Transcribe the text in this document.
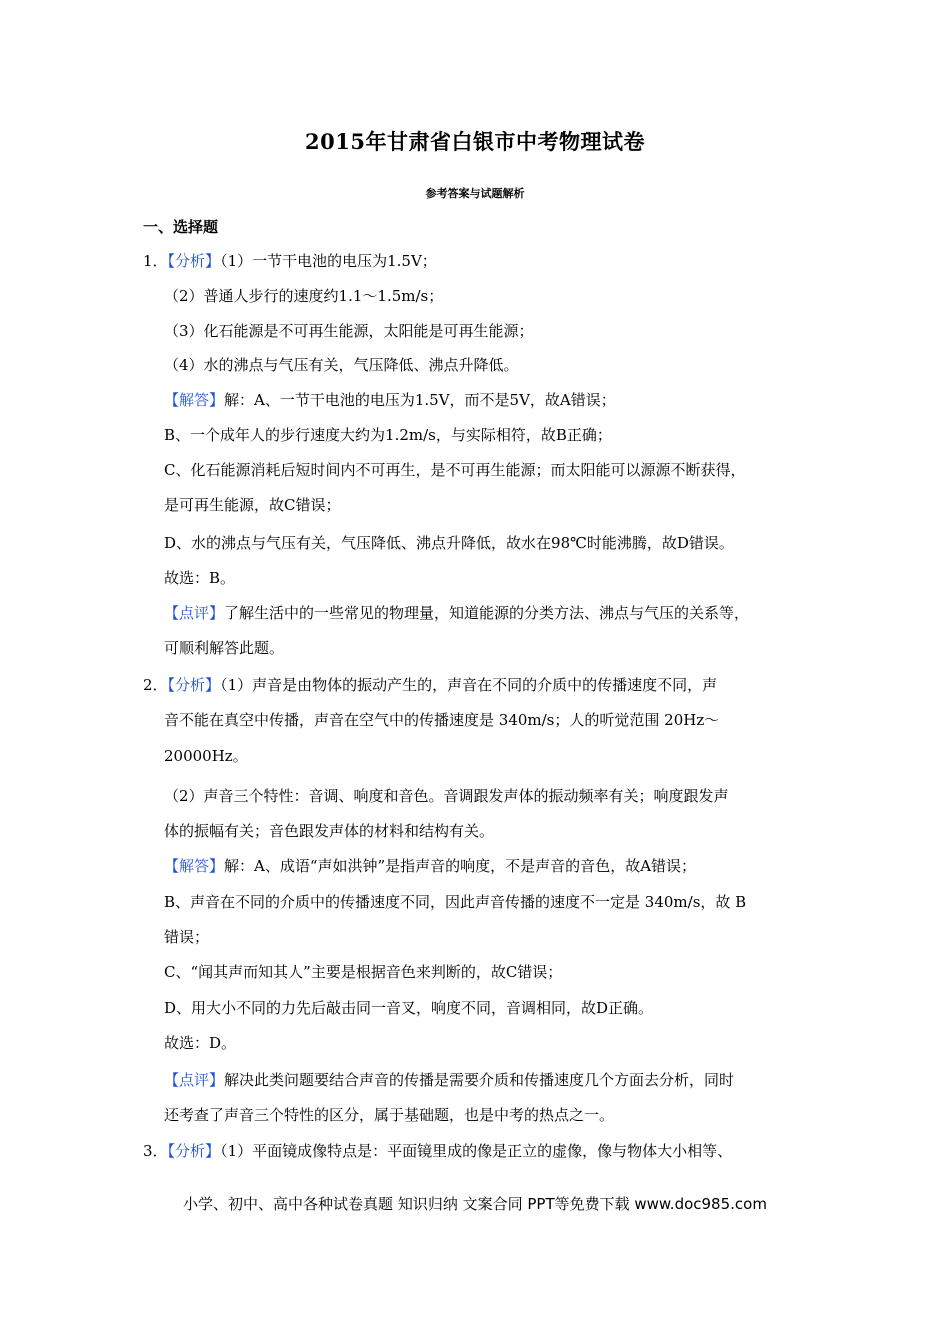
2015年甘肃省白银市中考物理试卷
参考答案与试题解析
一、选择题
1．【分析】（1）一节干电池的电压为1.5V；
（2）普通人步行的速度约1.1～1.5m/s；
（3）化石能源是不可再生能源，太阳能是可再生能源；
（4）水的沸点与气压有关，气压降低、沸点升降低。
【解答】解：A、一节干电池的电压为1.5V，而不是5V，故A错误；
B、一个成年人的步行速度大约为1.2m/s，与实际相符，故B正确；
C、化石能源消耗后短时间内不可再生，是不可再生能源；而太阳能可以源源不断获得，
是可再生能源，故C错误；
D、水的沸点与气压有关，气压降低、沸点升降低，故水在98℃时能沸腾，故D错误。
故选：B。
【点评】了解生活中的一些常见的物理量，知道能源的分类方法、沸点与气压的关系等，
可顺利解答此题。
2．【分析】（1）声音是由物体的振动产生的，声音在不同的介质中的传播速度不同，声
音不能在真空中传播，声音在空气中的传播速度是 340m/s；人的听觉范围 20Hz～
20000Hz。
（2）声音三个特性：音调、响度和音色。音调跟发声体的振动频率有关；响度跟发声
体的振幅有关；音色跟发声体的材料和结构有关。
【解答】解：A、成语“声如洪钟”是指声音的响度，不是声音的音色，故A错误；
B、声音在不同的介质中的传播速度不同，因此声音传播的速度不一定是 340m/s，故 B
错误；
C、“闻其声而知其人”主要是根据音色来判断的，故C错误；
D、用大小不同的力先后敲击同一音叉，响度不同，音调相同，故D正确。
故选：D。
【点评】解决此类问题要结合声音的传播是需要介质和传播速度几个方面去分析，同时
还考查了声音三个特性的区分，属于基础题，也是中考的热点之一。
3．【分析】（1）平面镜成像特点是：平面镜里成的像是正立的虚像，像与物体大小相等、
小学、初中、高中各种试卷真题 知识归纳 文案合同 PPT等免费下载 www.doc985.com
